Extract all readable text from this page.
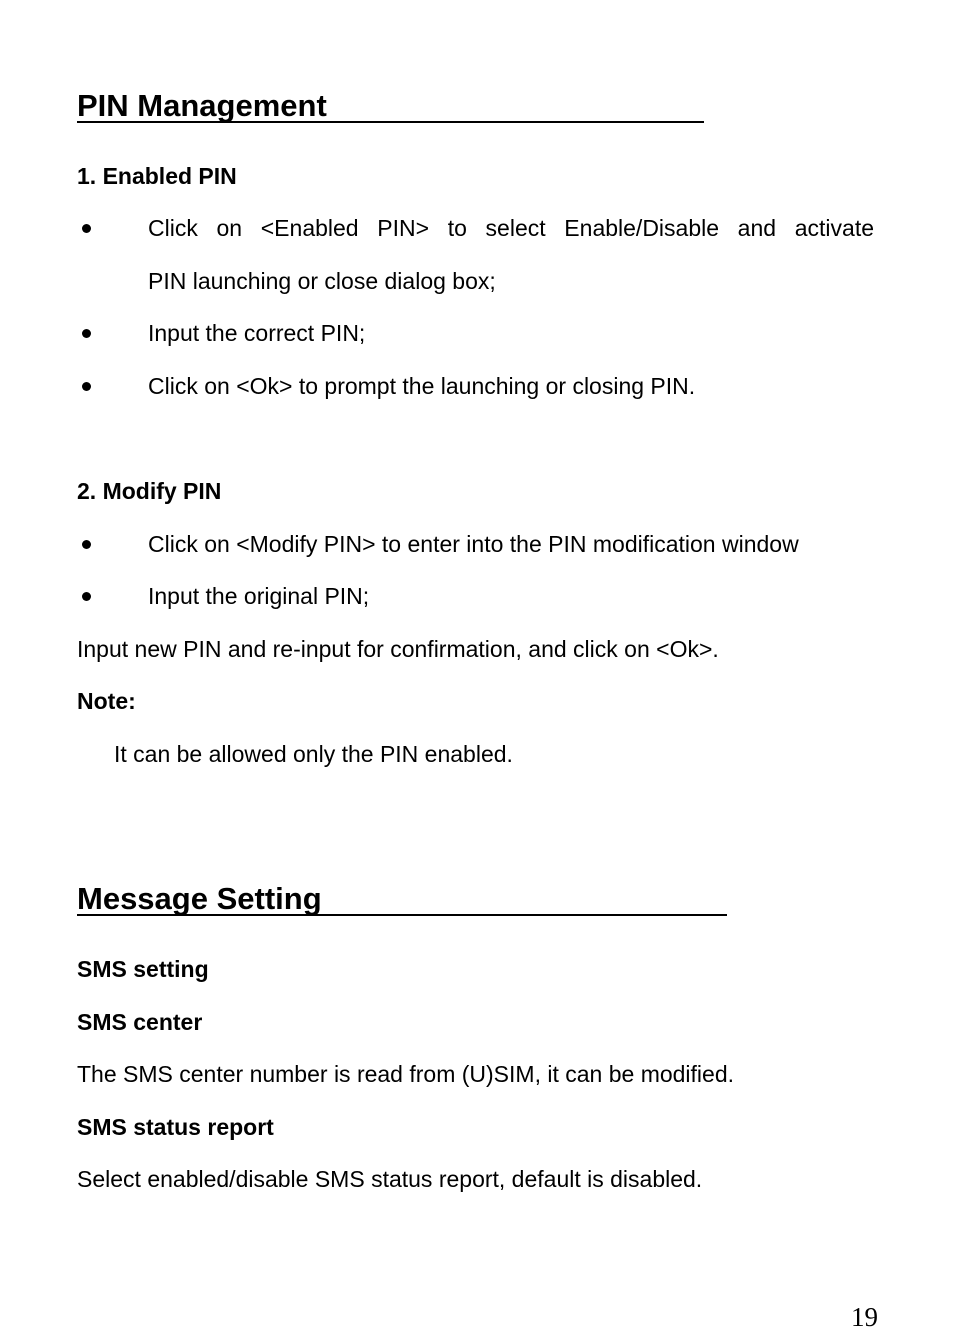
PIN Management
1. Enabled PIN
Click on <Enabled PIN> to select Enable/Disable and activate
PIN launching or close dialog box;
Input the correct PIN;
Click on <Ok> to prompt the launching or closing PIN.
2. Modify PIN
Click on <Modify PIN> to enter into the PIN modification window
Input the original PIN;
Input new PIN and re-input for confirmation, and click on <Ok>.
Note:
It can be allowed only the PIN enabled.
Message Setting
SMS setting
SMS center
The SMS center number is read from (U)SIM, it can be modified.
SMS status report
Select enabled/disable SMS status report, default is disabled.
19
